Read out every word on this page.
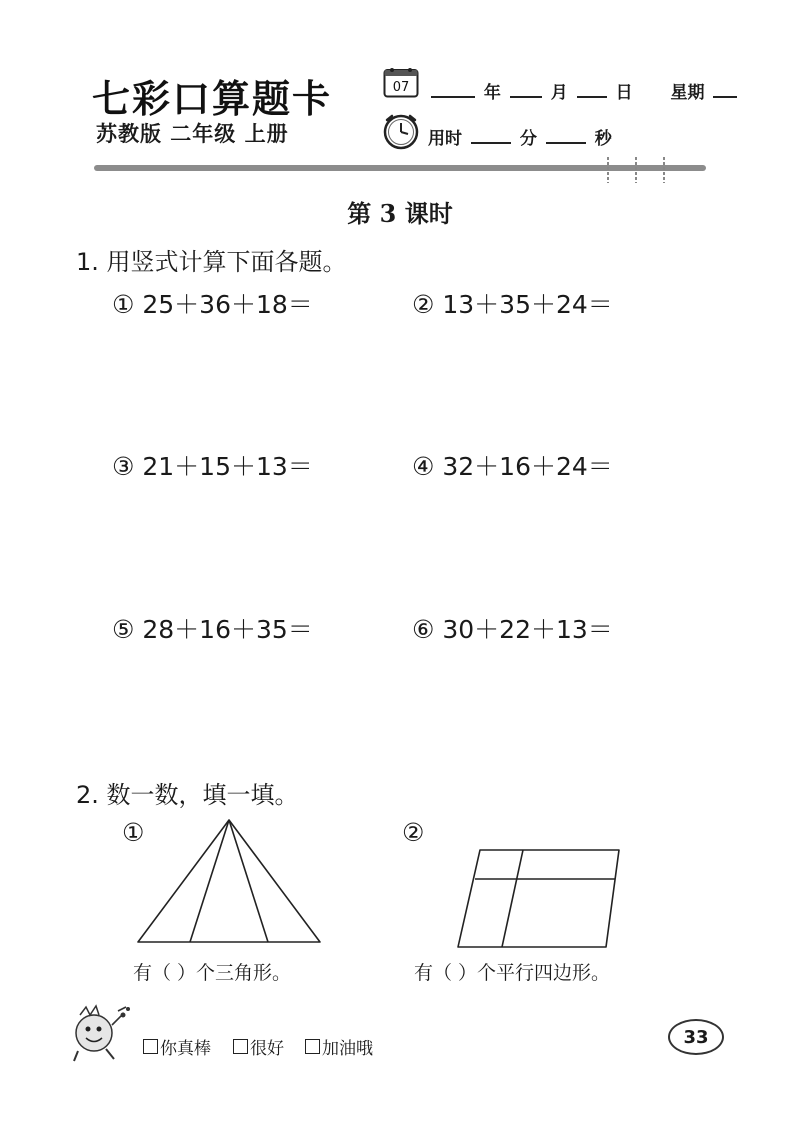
七彩口算题卡
苏教版 二年级 上册
07	年	月	日 星期
用时	分	秒
第 3 课时
1. 用竖式计算下面各题。
① 25＋36＋18＝	② 13＋35＋24＝
③ 21＋15＋13＝	④ 32＋16＋24＝
⑤ 28＋16＋35＝	⑥ 30＋22＋13＝
2. 数一数，填一填。
①	②
有（ ）个三角形。	有（ ）个平行四边形。
你真棒 很好 加油哦
33
